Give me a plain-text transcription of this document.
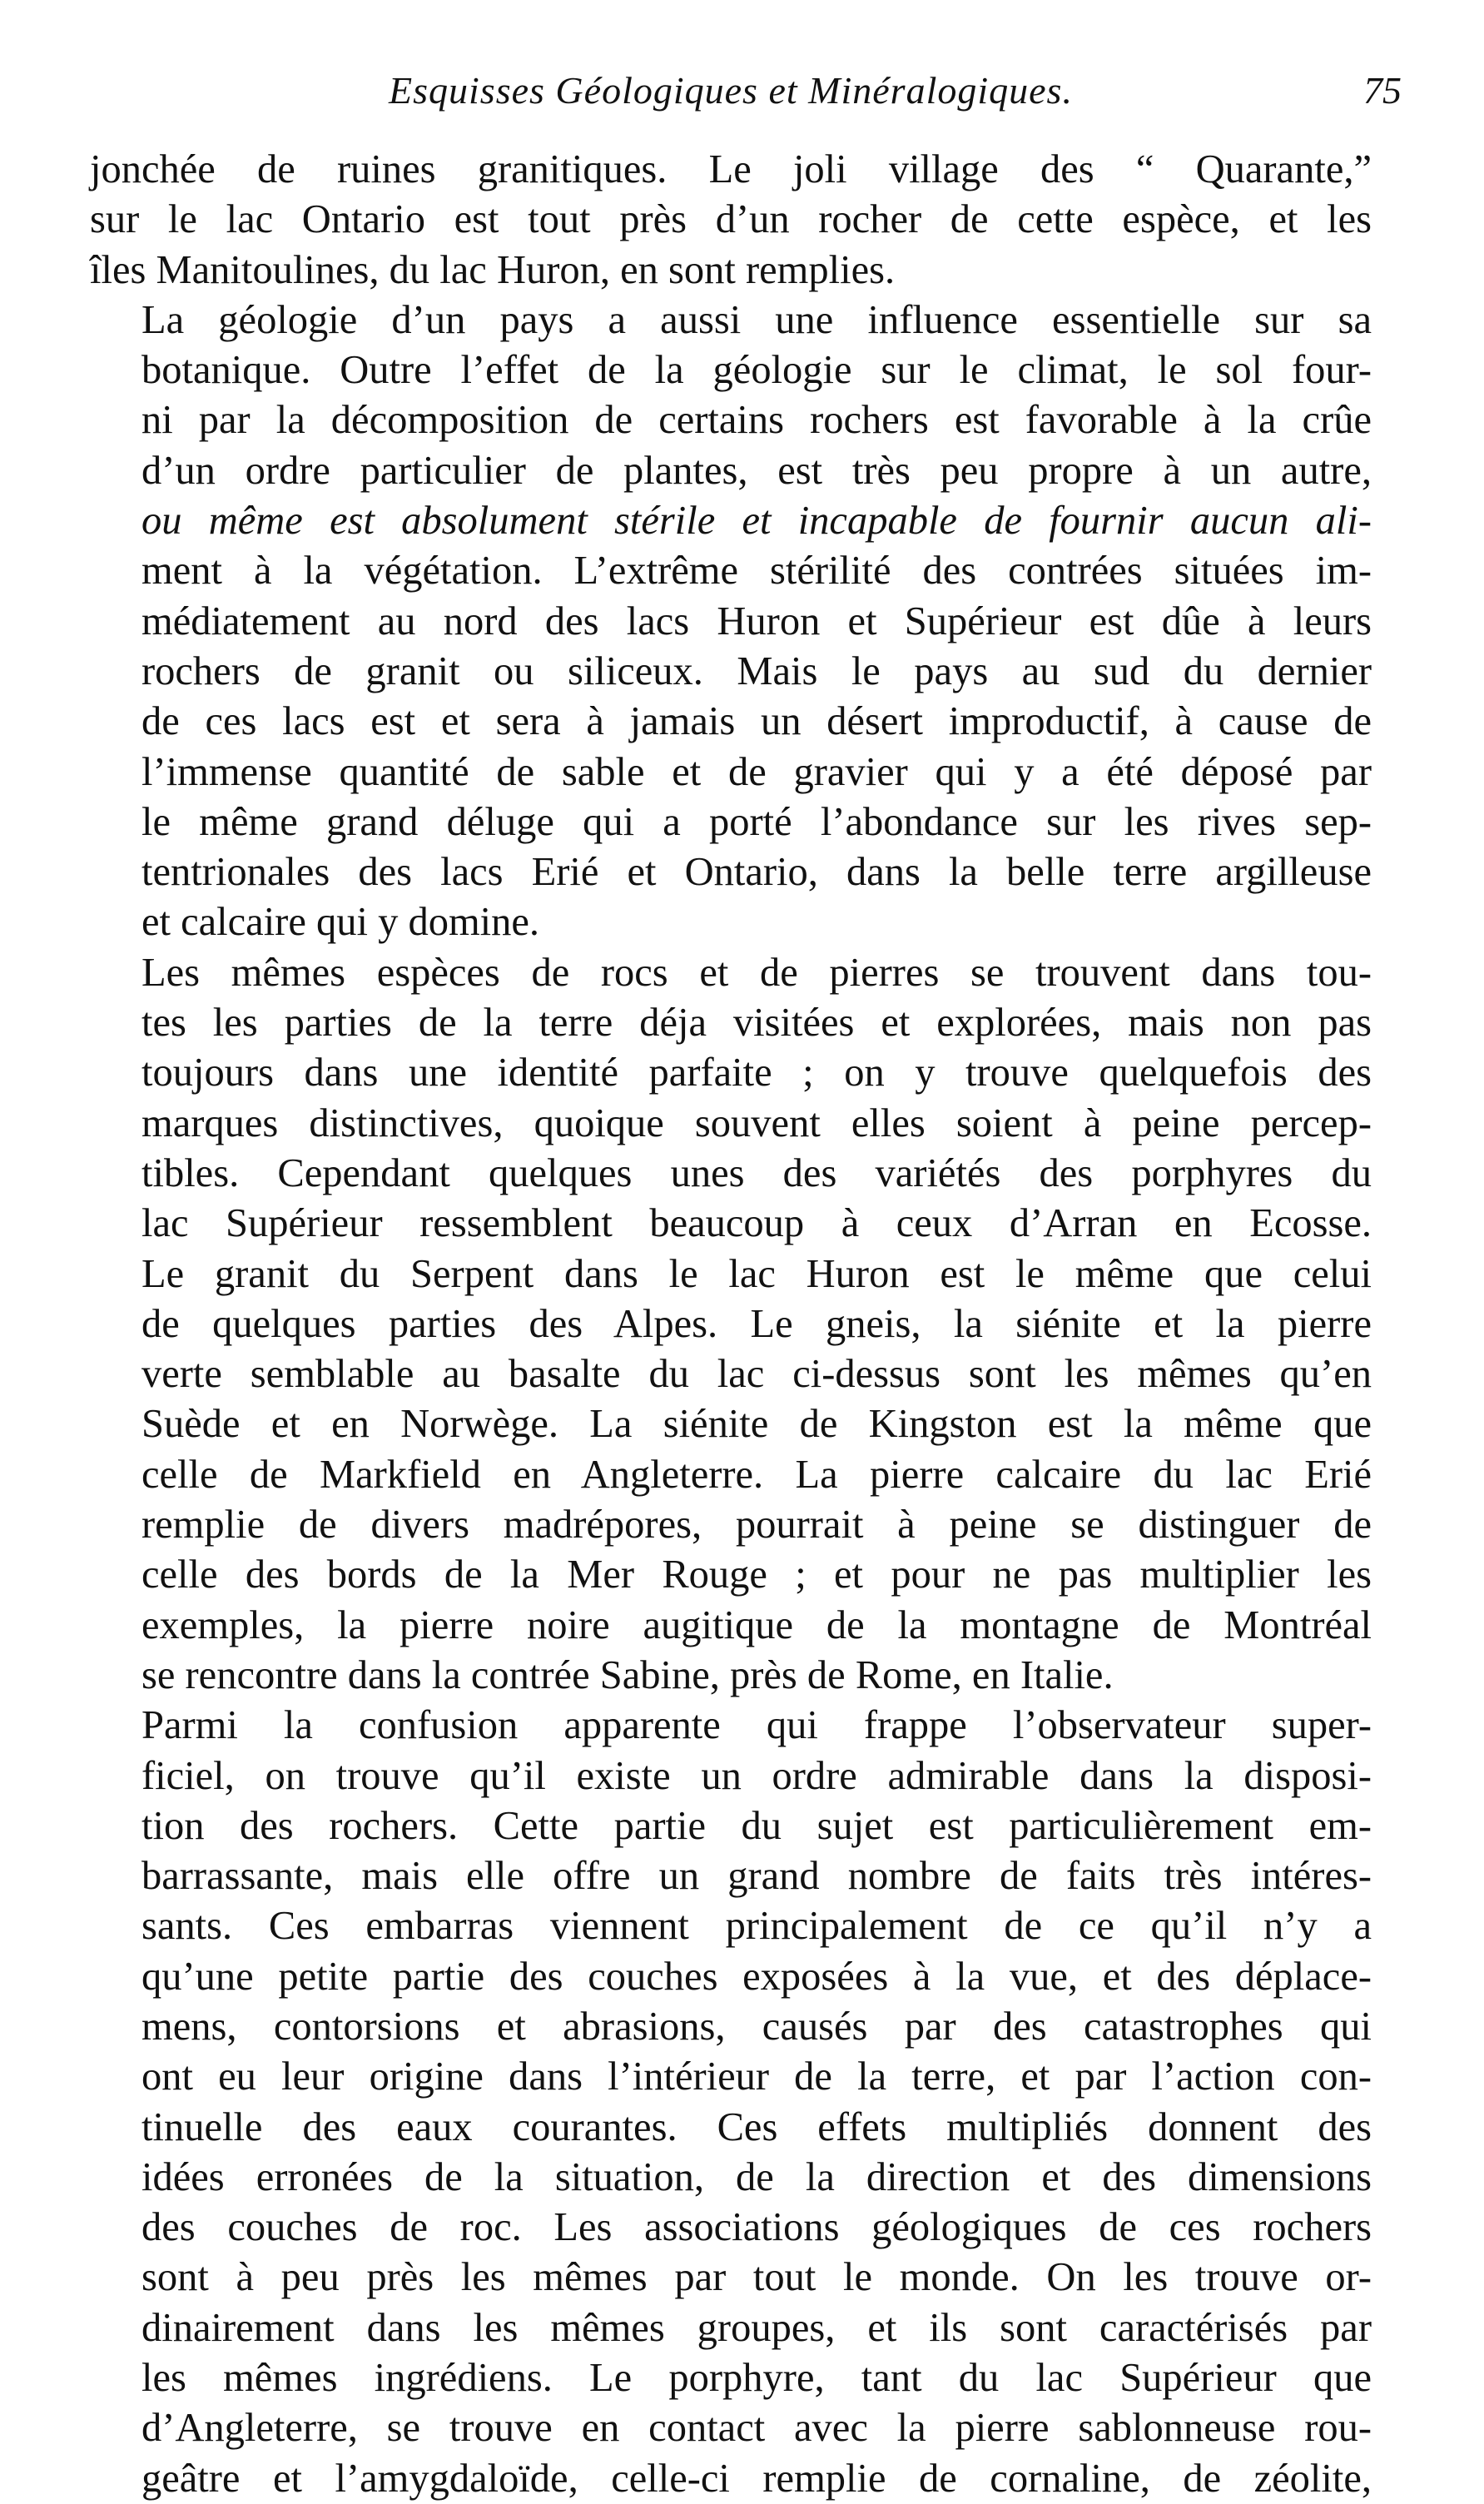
Esquisses Géologiques et Minéralogiques.	75
jonchée de ruines granitiques. Le joli village des “ Quarante,”
sur le lac Ontario est tout près d’un rocher de cette espèce, et les
îles Manitoulines, du lac Huron, en sont remplies.
La géologie d’un pays a aussi une influence essentielle sur sa
botanique. Outre l’effet de la géologie sur le climat, le sol four-
ni par la décomposition de certains rochers est favorable à la crûe
d’un ordre particulier de plantes, est très peu propre à un autre,
ou même est absolument stérile et incapable de fournir aucun ali-
ment à la végétation. L’extrême stérilité des contrées situées im-
médiatement au nord des lacs Huron et Supérieur est dûe à leurs
rochers de granit ou siliceux. Mais le pays au sud du dernier
de ces lacs est et sera à jamais un désert improductif, à cause de
l’immense quantité de sable et de gravier qui y a été déposé par
le même grand déluge qui a porté l’abondance sur les rives sep-
tentrionales des lacs Erié et Ontario, dans la belle terre argilleuse
et calcaire qui y domine.
Les mêmes espèces de rocs et de pierres se trouvent dans tou-
tes les parties de la terre déja visitées et explorées, mais non pas
toujours dans une identité parfaite ; on y trouve quelquefois des
marques distinctives, quoique souvent elles soient à peine percep-
tibles. Cependant quelques unes des variétés des porphyres du
lac Supérieur ressemblent beaucoup à ceux d’Arran en Ecosse.
Le granit du Serpent dans le lac Huron est le même que celui
de quelques parties des Alpes. Le gneis, la siénite et la pierre
verte semblable au basalte du lac ci-dessus sont les mêmes qu’en
Suède et en Norwège. La siénite de Kingston est la même que
celle de Markfield en Angleterre. La pierre calcaire du lac Erié
remplie de divers madrépores, pourrait à peine se distinguer de
celle des bords de la Mer Rouge ; et pour ne pas multiplier les
exemples, la pierre noire augitique de la montagne de Montréal
se rencontre dans la contrée Sabine, près de Rome, en Italie.
Parmi la confusion apparente qui frappe l’observateur super-
ficiel, on trouve qu’il existe un ordre admirable dans la disposi-
tion des rochers. Cette partie du sujet est particulièrement em-
barrassante, mais elle offre un grand nombre de faits très intéres-
sants. Ces embarras viennent principalement de ce qu’il n’y a
qu’une petite partie des couches exposées à la vue, et des déplace-
mens, contorsions et abrasions, causés par des catastrophes qui
ont eu leur origine dans l’intérieur de la terre, et par l’action con-
tinuelle des eaux courantes. Ces effets multipliés donnent des
idées erronées de la situation, de la direction et des dimensions
des couches de roc. Les associations géologiques de ces rochers
sont à peu près les mêmes par tout le monde. On les trouve or-
dinairement dans les mêmes groupes, et ils sont caractérisés par
les mêmes ingrédiens. Le porphyre, tant du lac Supérieur que
d’Angleterre, se trouve en contact avec la pierre sablonneuse rou-
geâtre et l’amygdaloïde, celle-ci remplie de cornaline, de zéolite,
